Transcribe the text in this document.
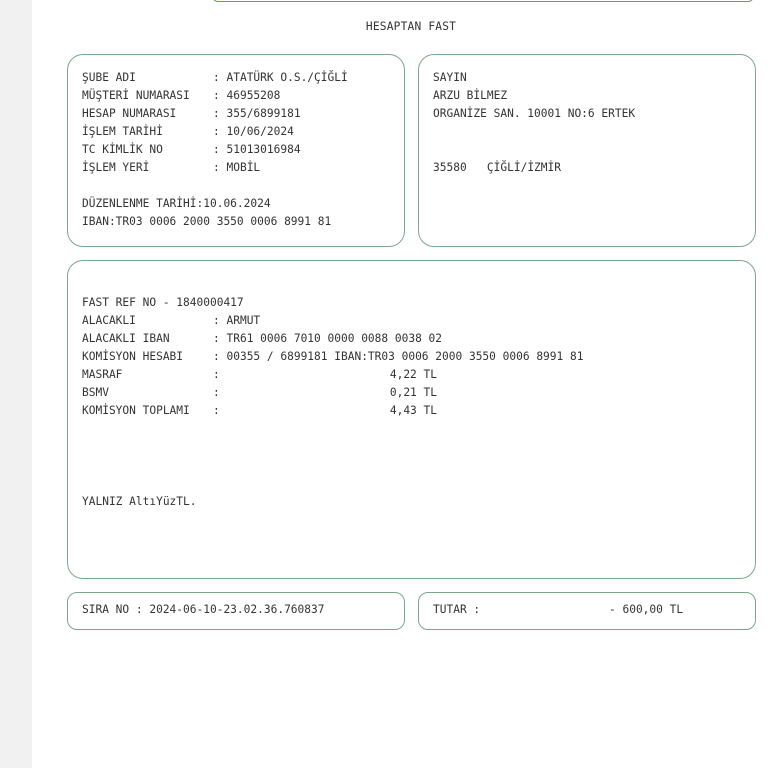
HESAPTAN FAST
ŞUBE ADI	: ATATÜRK O.S./ÇİĞLİ
MÜŞTERİ NUMARASI : 46955208
HESAP NUMARASI	: 355/6899181
İŞLEM TARİHİ	: 10/06/2024
TC KİMLİK NO	: 51013016984
İŞLEM YERİ	: MOBİL
DÜZENLENME TARİHİ:10.06.2024
IBAN:TR03 0006 2000 3550 0006 8991 81
SAYIN
ARZU BİLMEZ
ORGANİZE SAN. 10001 NO:6 ERTEK
35580 ÇİĞLİ/İZMİR
FAST REF NO - 1840000417
ALACAKLI	: ARMUT
ALACAKLI IBAN	: TR61 0006 7010 0000 0088 0038 02
KOMİSYON HESABI	: 00355 / 6899181 IBAN:TR03 0006 2000 3550 0006 8991 81
MASRAF	:	4,22 TL
BSMV	:	0,21 TL
KOMİSYON TOPLAMI :	4,43 TL
YALNIZ AltıYüzTL.
SIRA NO : 2024-06-10-23.02.36.760837	TUTAR :	- 600,00 TL
